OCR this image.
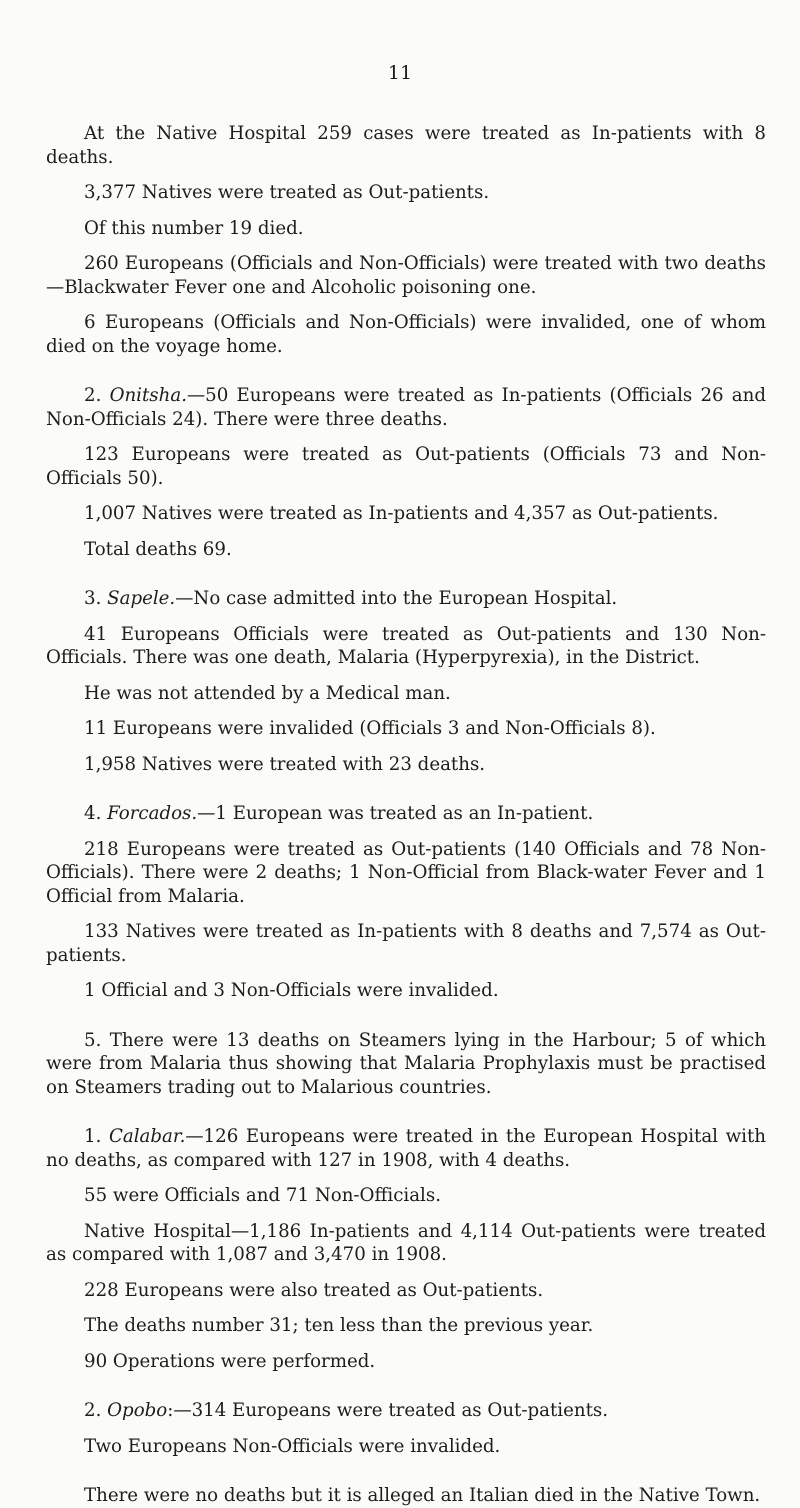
11

At the Native Hospital 259 cases were treated as In-patients with 8 deaths.

3,377 Natives were treated as Out-patients.

Of this number 19 died.

260 Europeans (Officials and Non-Officials) were treated with two deaths—Blackwater Fever one and Alcoholic poisoning one.

6 Europeans (Officials and Non-Officials) were invalided, one of whom died on the voyage home.

2. Onitsha.—50 Europeans were treated as In-patients (Officials 26 and Non-Officials 24). There were three deaths.

123 Europeans were treated as Out-patients (Officials 73 and Non-Officials 50).

1,007 Natives were treated as In-patients and 4,357 as Out-patients.

Total deaths 69.

3. Sapele.—No case admitted into the European Hospital.

41 Europeans Officials were treated as Out-patients and 130 Non-Officials. There was one death, Malaria (Hyperpyrexia), in the District.

He was not attended by a Medical man.

11 Europeans were invalided (Officials 3 and Non-Officials 8).

1,958 Natives were treated with 23 deaths.

4. Forcados.—1 European was treated as an In-patient.

218 Europeans were treated as Out-patients (140 Officials and 78 Non-Officials). There were 2 deaths; 1 Non-Official from Black-water Fever and 1 Official from Malaria.

133 Natives were treated as In-patients with 8 deaths and 7,574 as Out-patients.

1 Official and 3 Non-Officials were invalided.

5. There were 13 deaths on Steamers lying in the Harbour; 5 of which were from Malaria thus showing that Malaria Prophylaxis must be practised on Steamers trading out to Malarious countries.

1. Calabar.—126 Europeans were treated in the European Hospital with no deaths, as compared with 127 in 1908, with 4 deaths.

55 were Officials and 71 Non-Officials.

Native Hospital—1,186 In-patients and 4,114 Out-patients were treated as compared with 1,087 and 3,470 in 1908.

228 Europeans were also treated as Out-patients.

The deaths number 31; ten less than the previous year.

90 Operations were performed.

2. Opobo:—314 Europeans were treated as Out-patients.

Two Europeans Non-Officials were invalided.

There were no deaths but it is alleged an Italian died in the Native Town.
